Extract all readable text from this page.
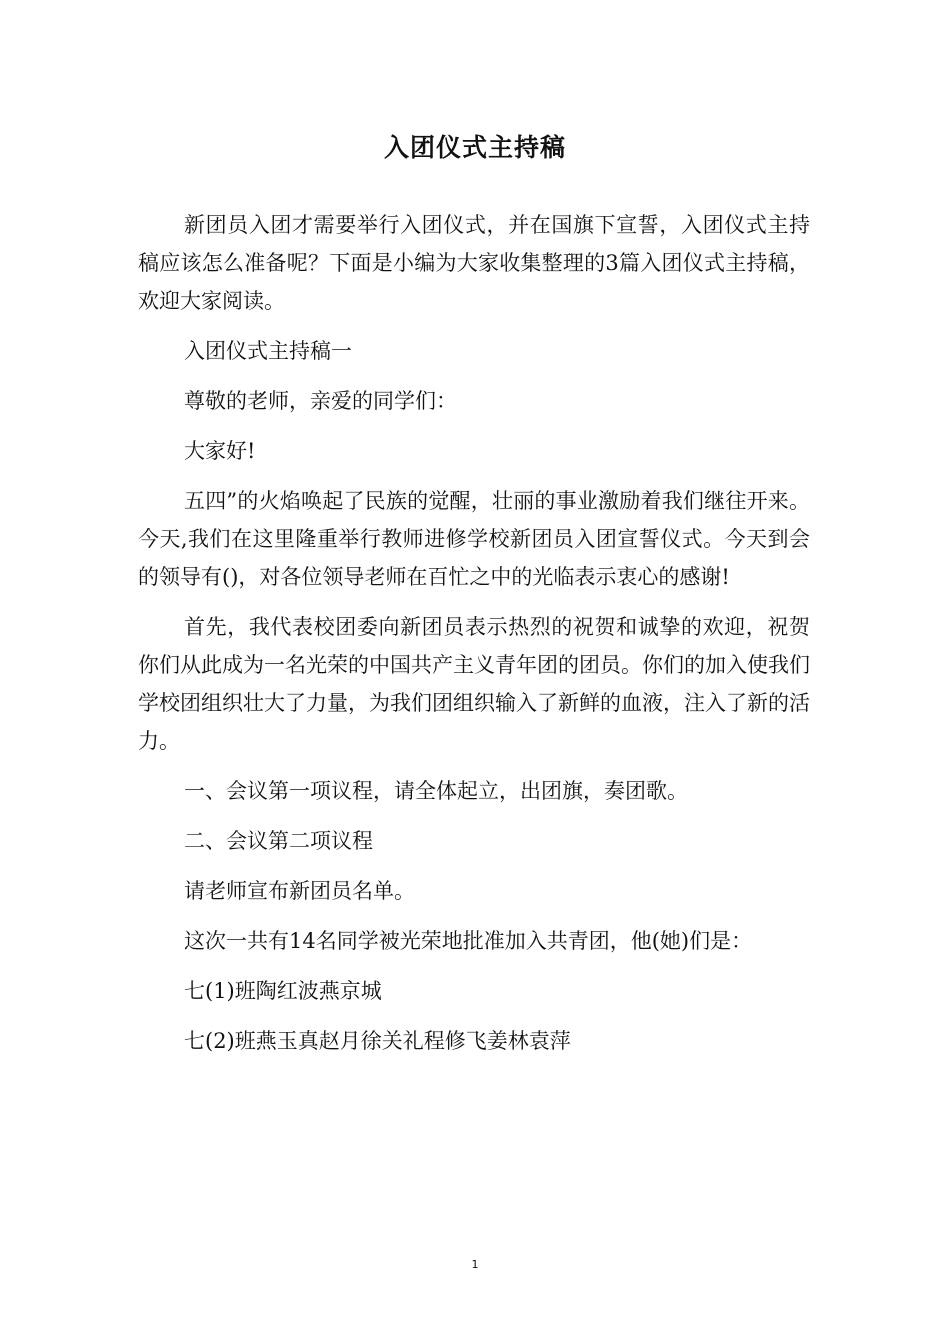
入团仪式主持稿

新团员入团才需要举行入团仪式，并在国旗下宣誓，入团仪式主持稿应该怎么准备呢？下面是小编为大家收集整理的3篇入团仪式主持稿，欢迎大家阅读。

入团仪式主持稿一

尊敬的老师，亲爱的同学们：

大家好!

五四”的火焰唤起了民族的觉醒，壮丽的事业激励着我们继往开来。今天,我们在这里隆重举行教师进修学校新团员入团宣誓仪式。今天到会的领导有()，对各位领导老师在百忙之中的光临表示衷心的感谢!

首先，我代表校团委向新团员表示热烈的祝贺和诚挚的欢迎，祝贺你们从此成为一名光荣的中国共产主义青年团的团员。你们的加入使我们学校团组织壮大了力量，为我们团组织输入了新鲜的血液，注入了新的活力。

一、会议第一项议程，请全体起立，出团旗，奏团歌。

二、会议第二项议程

请老师宣布新团员名单。

这次一共有14名同学被光荣地批准加入共青团，他(她)们是：

七(1)班陶红波燕京城

七(2)班燕玉真赵月徐关礼程修飞姜林袁萍

1
